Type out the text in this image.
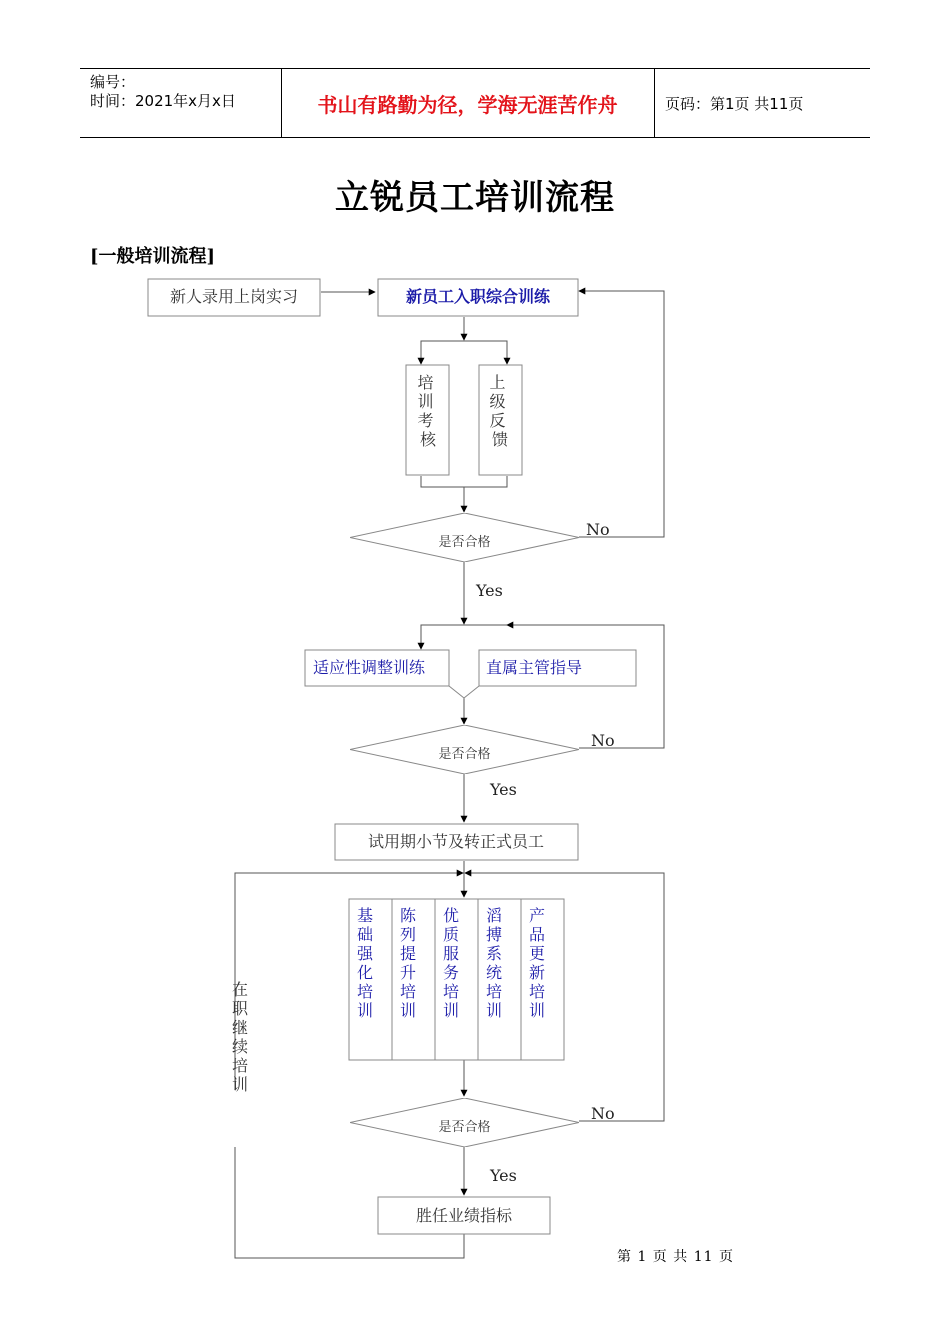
编号：
时间：2021年x月x日	书山有路勤为径，学海无涯苦作舟	页码：第1页 共11页
立锐员工培训流程
[一般培训流程]
新人录用上岗实习	新员工入职综合训练
培 训 考 核
上 级 反 馈
是否合格
No
Yes
适应性调整训练	直属主管指导
是否合格
No
Yes
试用期小节及转正式员工
基础强化培训
陈列提升培训
优质服务培训
滔搏系统培训
产品更新培训
在职继续培训
是否合格
No
Yes
胜任业绩指标
第 1 页 共 11 页
